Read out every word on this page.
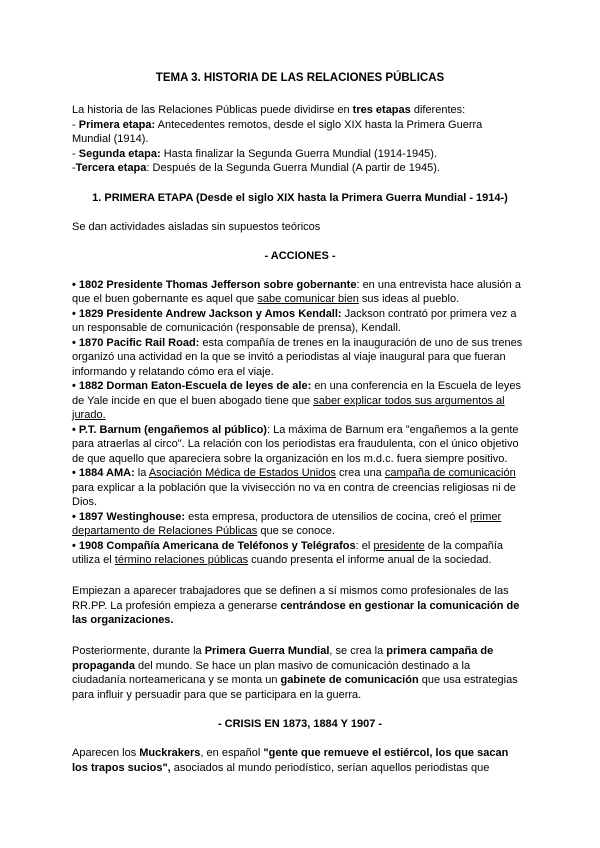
TEMA 3. HISTORIA DE LAS RELACIONES PÚBLICAS
La historia de las Relaciones Públicas puede dividirse en tres etapas diferentes:
- Primera etapa: Antecedentes remotos, desde el siglo XIX hasta la Primera Guerra
Mundial (1914).
- Segunda etapa: Hasta finalizar la Segunda Guerra Mundial (1914-1945).
-Tercera etapa: Después de la Segunda Guerra Mundial (A partir de 1945).
1. PRIMERA ETAPA (Desde el siglo XIX hasta la Primera Guerra Mundial - 1914-)
Se dan actividades aisladas sin supuestos teóricos
- ACCIONES -
• 1802 Presidente Thomas Jefferson sobre gobernante: en una entrevista hace alusión a
que el buen gobernante es aquel que sabe comunicar bien sus ideas al pueblo.
• 1829 Presidente Andrew Jackson y Amos Kendall: Jackson contrató por primera vez a
un responsable de comunicación (responsable de prensa), Kendall.
• 1870 Pacific Rail Road: esta compañía de trenes en la inauguración de uno de sus trenes
organizó una actividad en la que se invitó a periodistas al viaje inaugural para que fueran
informando y relatando cómo era el viaje.
• 1882 Dorman Eaton-Escuela de leyes de ale: en una conferencia en la Escuela de leyes
de Yale incide en que el buen abogado tiene que saber explicar todos sus argumentos al
jurado.
• P.T. Barnum (engañemos al público): La máxima de Barnum era "engañemos a la gente
para atraerlas al circo". La relación con los periodistas era fraudulenta, con el único objetivo
de que aquello que apareciera sobre la organización en los m.d.c. fuera siempre positivo.
• 1884 AMA: la Asociación Médica de Estados Unidos crea una campaña de comunicación
para explicar a la población que la vivisección no va en contra de creencias religiosas ni de
Dios.
• 1897 Westinghouse: esta empresa, productora de utensilios de cocina, creó el primer
departamento de Relaciones Públicas que se conoce.
• 1908 Compañía Americana de Teléfonos y Telégrafos: el presidente de la compañía
utiliza el término relaciones públicas cuando presenta el informe anual de la sociedad.
Empiezan a aparecer trabajadores que se definen a sí mismos como profesionales de las
RR.PP. La profesión empieza a generarse centrándose en gestionar la comunicación de
las organizaciones.
Posteriormente, durante la Primera Guerra Mundial, se crea la primera campaña de
propaganda del mundo. Se hace un plan masivo de comunicación destinado a la
ciudadanía norteamericana y se monta un gabinete de comunicación que usa estrategias
para influir y persuadir para que se participara en la guerra.
- CRISIS EN 1873, 1884 Y 1907 -
Aparecen los Muckrakers, en español "gente que remueve el estiércol, los que sacan
los trapos sucios", asociados al mundo periodístico, serían aquellos periodistas que
